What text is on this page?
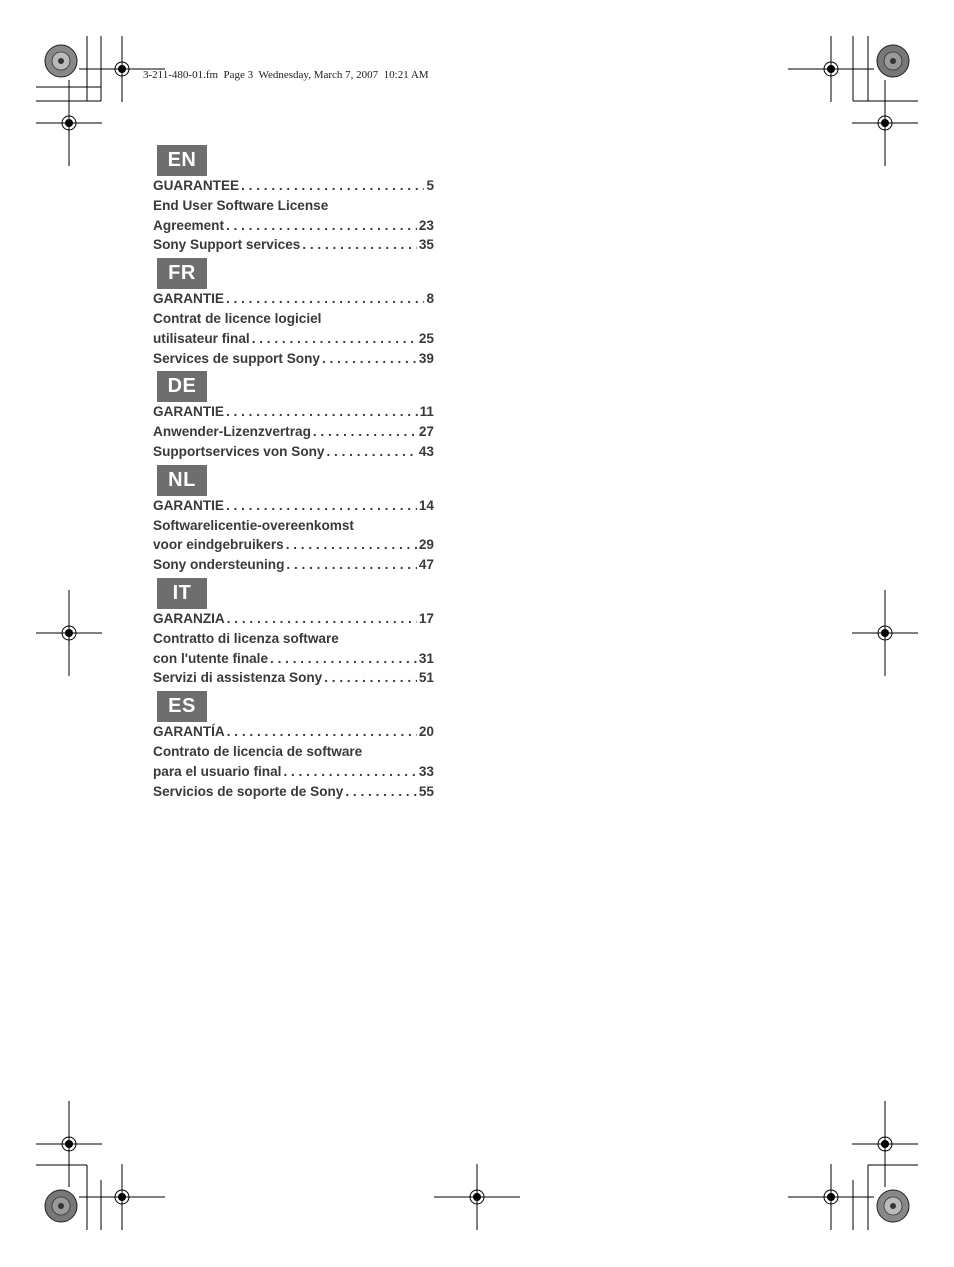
3-211-480-01.fm  Page 3  Wednesday, March 7, 2007  10:21 AM
EN
GUARANTEE . . .	5
End User Software License
Agreement . . .	23
Sony Support services . . .	35
FR
GARANTIE . . .	8
Contrat de licence logiciel
utilisateur final . . .	25
Services de support Sony . . .	39
DE
GARANTIE . . .	11
Anwender-Lizenzvertrag . . .	27
Supportservices von Sony . . .	43
NL
GARANTIE . . .	14
Softwarelicentie-overeenkomst
voor eindgebruikers . . .	29
Sony ondersteuning . . .	47
IT
GARANZIA . . .	17
Contratto di licenza software
con l'utente finale . . .	31
Servizi di assistenza Sony . . .	51
ES
GARANTÍA . . .	20
Contrato de licencia de software
para el usuario final . . .	33
Servicios de soporte de Sony . . .	55
